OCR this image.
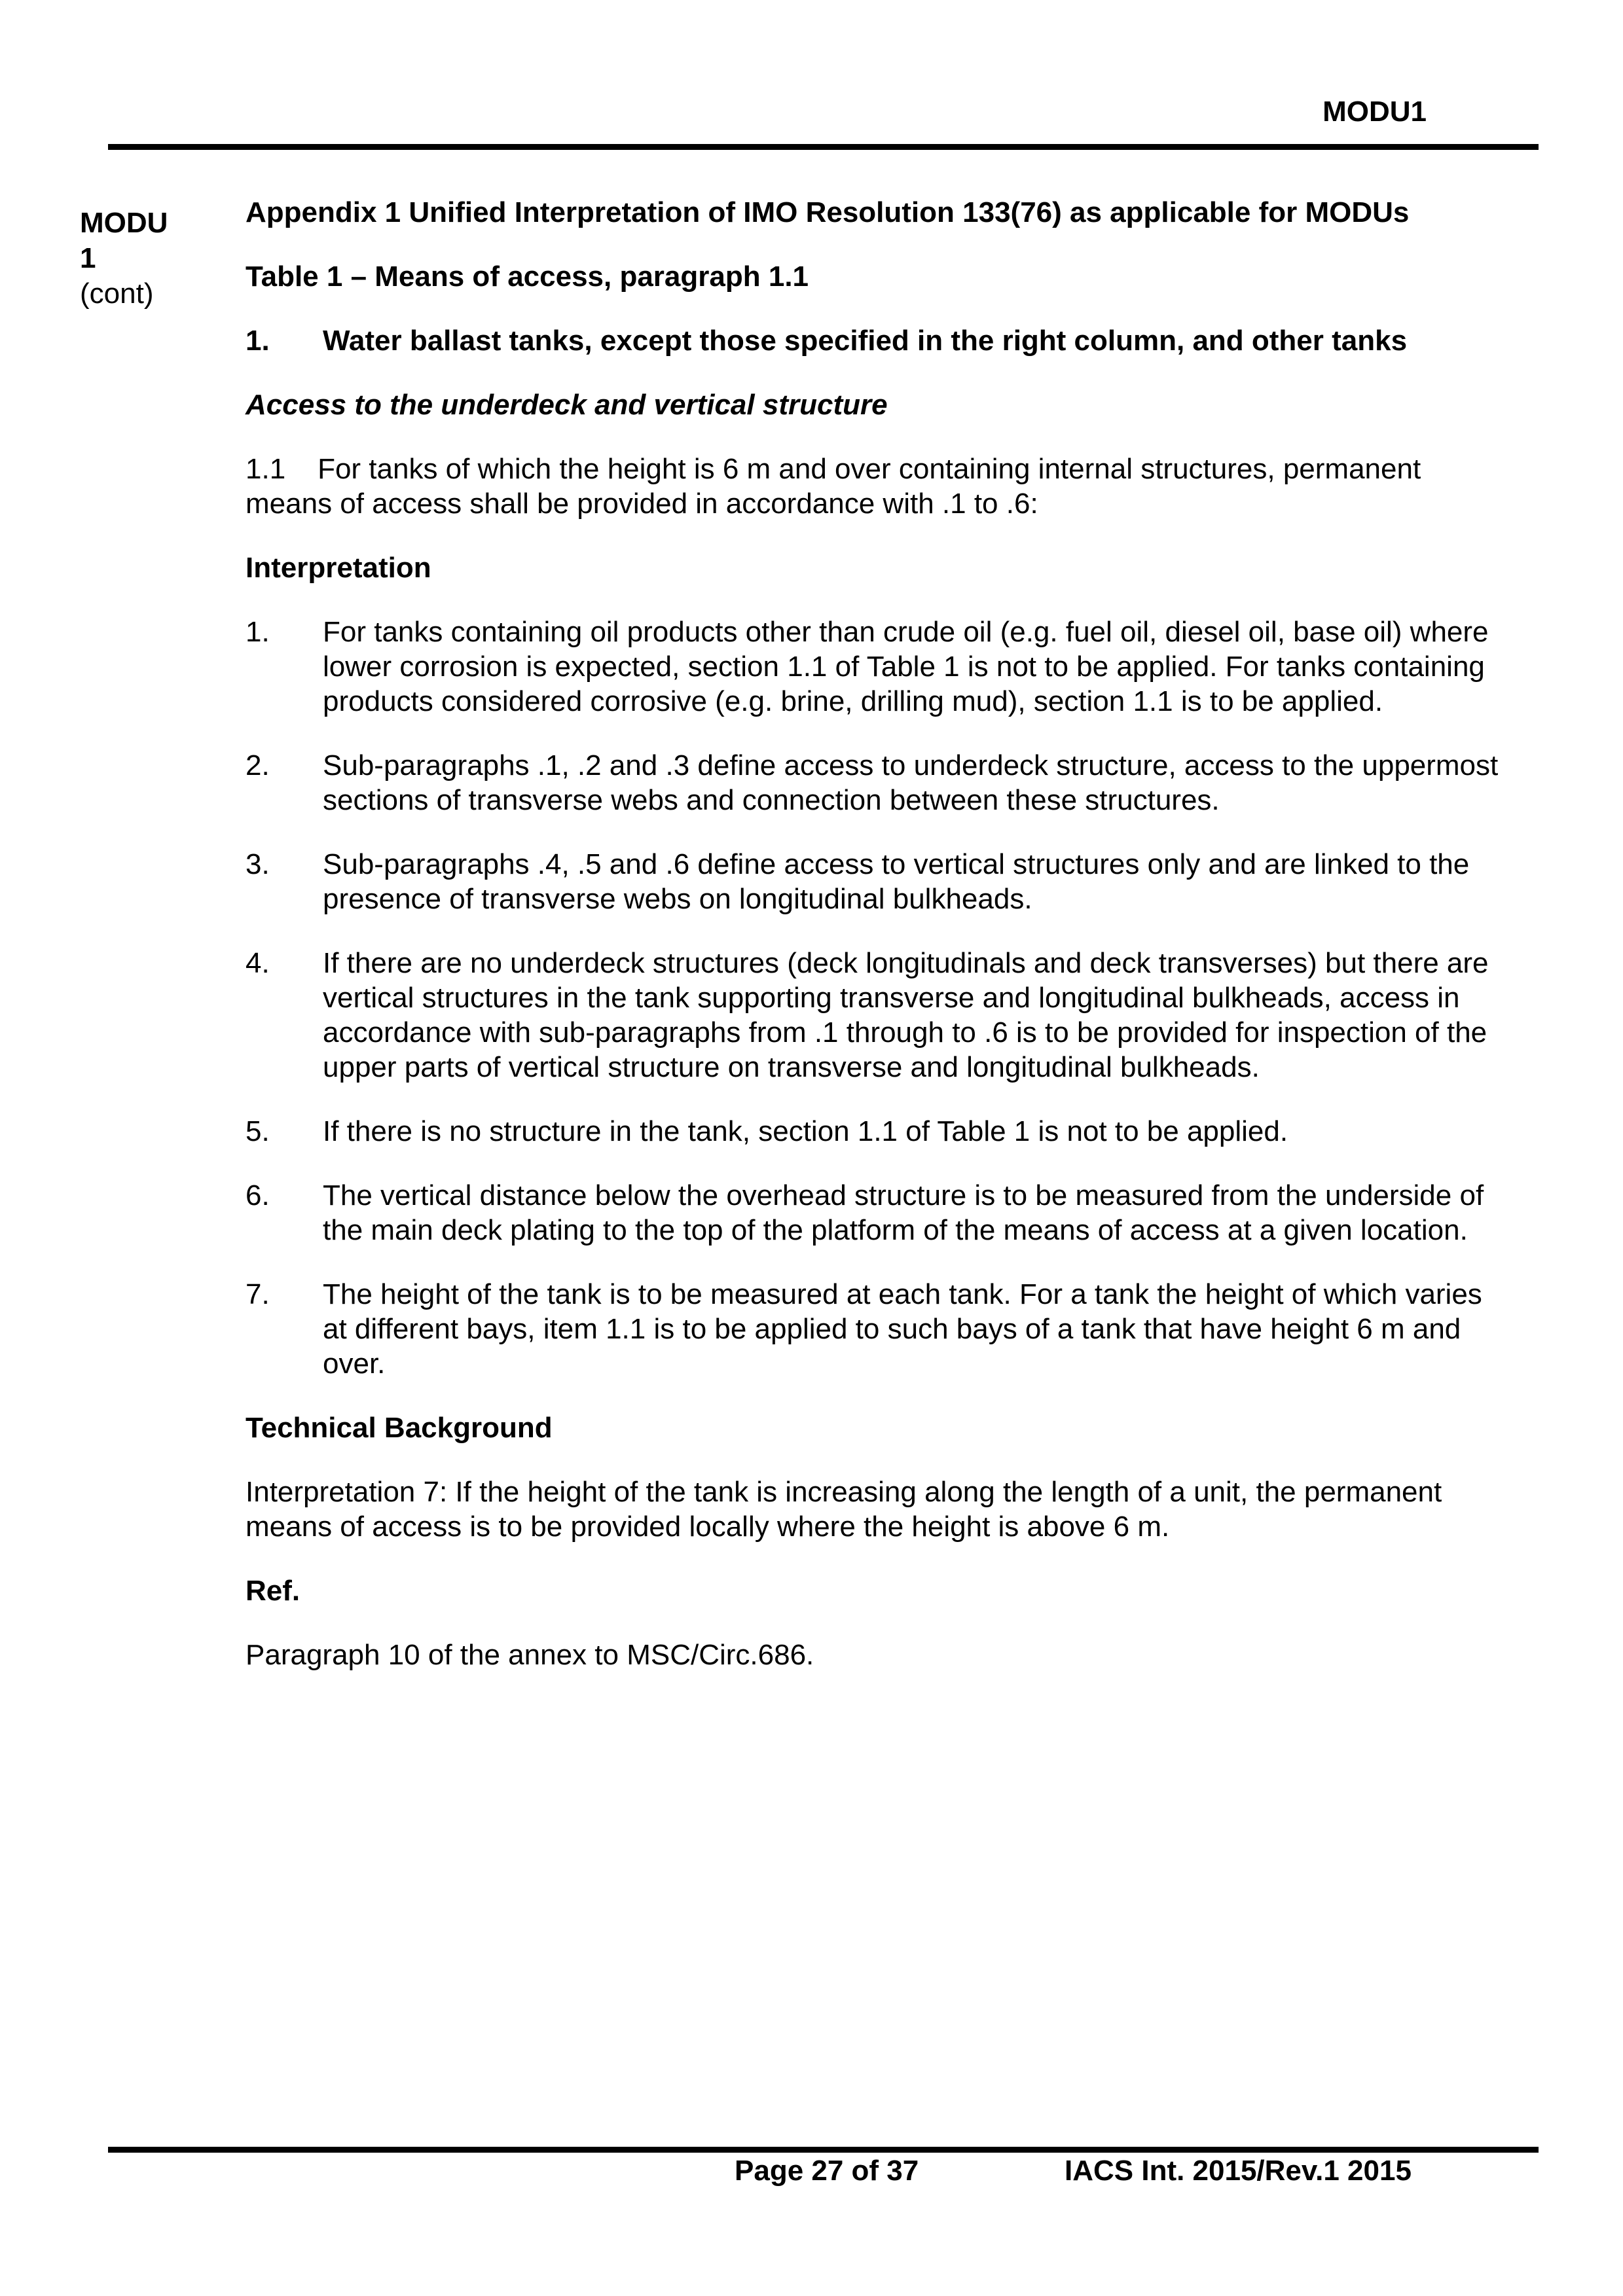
MODU1
MODU
1
(cont)

Appendix 1 Unified Interpretation of IMO Resolution 133(76) as applicable for MODUs

Table 1 – Means of access, paragraph 1.1

1.	Water ballast tanks, except those specified in the right column, and other tanks

Access to the underdeck and vertical structure

1.1    For tanks of which the height is 6 m and over containing internal structures, permanent means of access shall be provided in accordance with .1 to .6:

Interpretation

1.	For tanks containing oil products other than crude oil (e.g. fuel oil, diesel oil, base oil) where lower corrosion is expected, section 1.1 of Table 1 is not to be applied. For tanks containing products considered corrosive (e.g. brine, drilling mud), section 1.1 is to be applied.
2.	Sub-paragraphs .1, .2 and .3 define access to underdeck structure, access to the uppermost sections of transverse webs and connection between these structures.
3.	Sub-paragraphs .4, .5 and .6 define access to vertical structures only and are linked to the presence of transverse webs on longitudinal bulkheads.
4.	If there are no underdeck structures (deck longitudinals and deck transverses) but there are vertical structures in the tank supporting transverse and longitudinal bulkheads, access in accordance with sub-paragraphs from .1 through to .6 is to be provided for inspection of the upper parts of vertical structure on transverse and longitudinal bulkheads.
5.	If there is no structure in the tank, section 1.1 of Table 1 is not to be applied.
6.	The vertical distance below the overhead structure is to be measured from the underside of the main deck plating to the top of the platform of the means of access at a given location.
7.	The height of the tank is to be measured at each tank. For a tank the height of which varies at different bays, item 1.1 is to be applied to such bays of a tank that have height 6 m and over.

Technical Background

Interpretation 7: If the height of the tank is increasing along the length of a unit, the permanent means of access is to be provided locally where the height is above 6 m.

Ref.

Paragraph 10 of the annex to MSC/Circ.686.

Page 27 of 37	IACS Int. 2015/Rev.1 2015
